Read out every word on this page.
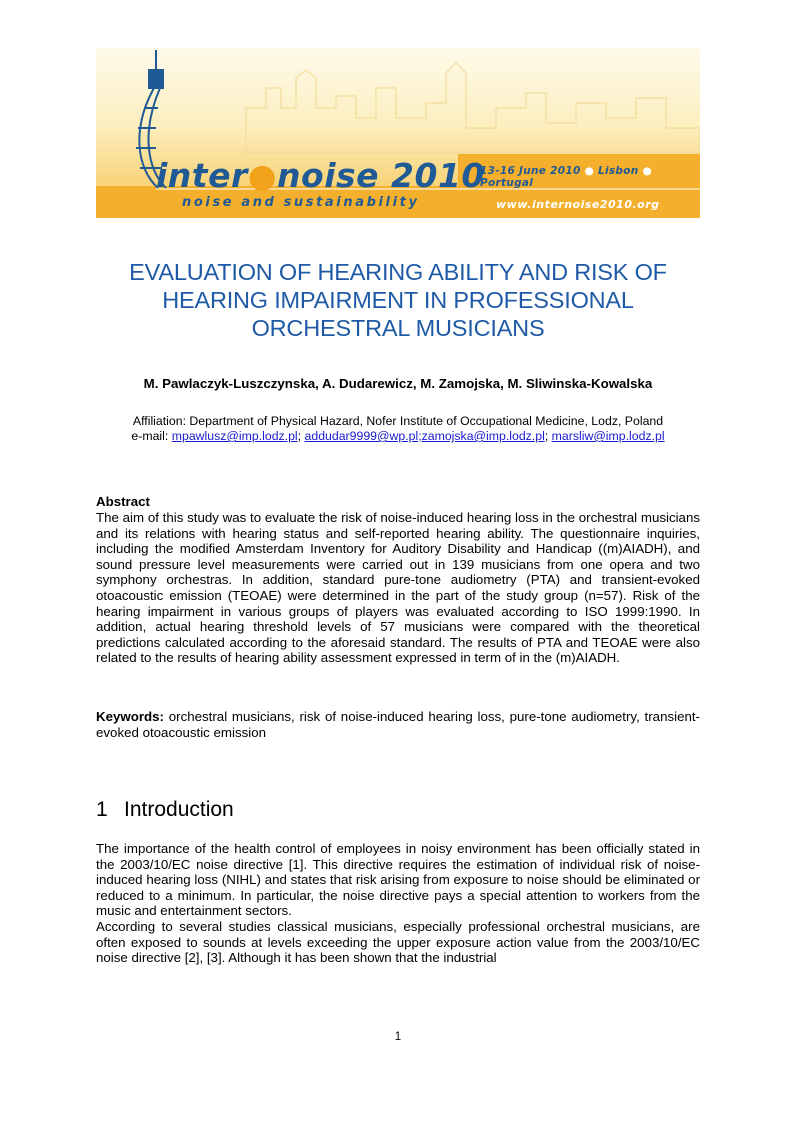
inter●noise 2010
noise and sustainability
13-16 June 2010 ● Lisbon ● Portugal
www.internoise2010.org
EVALUATION OF HEARING ABILITY AND RISK OF HEARING IMPAIRMENT IN PROFESSIONAL ORCHESTRAL MUSICIANS
M. Pawlaczyk-Luszczynska, A. Dudarewicz, M. Zamojska, M. Sliwinska-Kowalska
Affiliation: Department of Physical Hazard, Nofer Institute of Occupational Medicine, Lodz, Poland
e-mail: mpawlusz@imp.lodz.pl; addudar9999@wp.pl;zamojska@imp.lodz.pl; marsliw@imp.lodz.pl
Abstract

The aim of this study was to evaluate the risk of noise-induced hearing loss in the orchestral musicians and its relations with hearing status and self-reported hearing ability. The questionnaire inquiries, including the modified Amsterdam Inventory for Auditory Disability and Handicap ((m)AIADH), and sound pressure level measurements were carried out in 139 musicians from one opera and two symphony orchestras. In addition, standard pure-tone audiometry (PTA) and transient-evoked otoacoustic emission (TEOAE) were determined in the part of the study group (n=57). Risk of the hearing impairment in various groups of players was evaluated according to ISO 1999:1990. In addition, actual hearing threshold levels of 57 musicians were compared with the theoretical predictions calculated according to the aforesaid standard. The results of PTA and TEOAE were also related to the results of hearing ability assessment expressed in term of in the (m)AIADH.

Keywords: orchestral musicians, risk of noise-induced hearing loss, pure-tone audiometry, transient-evoked otoacoustic emission

1 Introduction

The importance of the health control of employees in noisy environment has been officially stated in the 2003/10/EC noise directive [1]. This directive requires the estimation of individual risk of noise-induced hearing loss (NIHL) and states that risk arising from exposure to noise should be eliminated or reduced to a minimum. In particular, the noise directive pays a special attention to workers from the music and entertainment sectors.

According to several studies classical musicians, especially professional orchestral musicians, are often exposed to sounds at levels exceeding the upper exposure action value from the 2003/10/EC noise directive [2], [3]. Although it has been shown that the industrial

1
